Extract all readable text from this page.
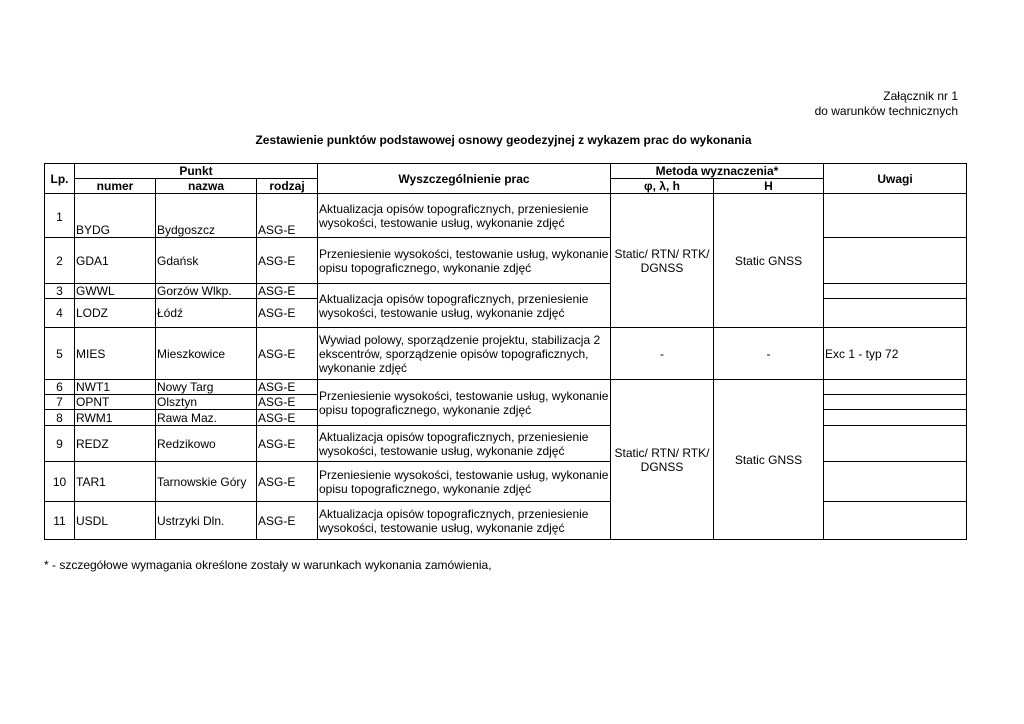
Załącznik nr 1
do warunków technicznych
Zestawienie punktów podstawowej osnowy geodezyjnej z wykazem prac do wykonania
Lp.	Punkt			Wyszczególnienie prac	Metoda wyznaczenia*		Uwagi
	numer	nazwa	rodzaj		φ, λ, h	H	
1	BYDG	Bydgoszcz	ASG-E	Aktualizacja opisów topograficznych, przeniesienie wysokości, testowanie usług, wykonanie zdjęć	Static/ RTN/ RTK/ DGNSS	Static GNSS	
2	GDA1	Gdańsk	ASG-E	Przeniesienie wysokości, testowanie usług, wykonanie opisu topograficznego, wykonanie zdjęć			
3	GWWL	Gorzów Wlkp.	ASG-E	Aktualizacja opisów topograficznych, przeniesienie wysokości, testowanie usług, wykonanie zdjęć			
4	LODZ	Łódź	ASG-E				
5	MIES	Mieszkowice	ASG-E	Wywiad polowy, sporządzenie projektu, stabilizacja 2 ekscentrów, sporządzenie opisów topograficznych, wykonanie zdjęć	-	-	Exc 1 - typ 72
6	NWT1	Nowy Targ	ASG-E	Przeniesienie wysokości, testowanie usług, wykonanie opisu topograficznego, wykonanie zdjęć	Static/ RTN/ RTK/ DGNSS	Static GNSS	
7	OPNT	Olsztyn	ASG-E				
8	RWM1	Rawa Maz.	ASG-E				
9	REDZ	Redzikowo	ASG-E	Aktualizacja opisów topograficznych, przeniesienie wysokości, testowanie usług, wykonanie zdjęć			
10	TAR1	Tarnowskie Góry	ASG-E	Przeniesienie wysokości, testowanie usług, wykonanie opisu topograficznego, wykonanie zdjęć			
11	USDL	Ustrzyki Dln.	ASG-E	Aktualizacja opisów topograficznych, przeniesienie wysokości, testowanie usług, wykonanie zdjęć			
* - szczegółowe wymagania określone zostały w warunkach wykonania zamówienia,
